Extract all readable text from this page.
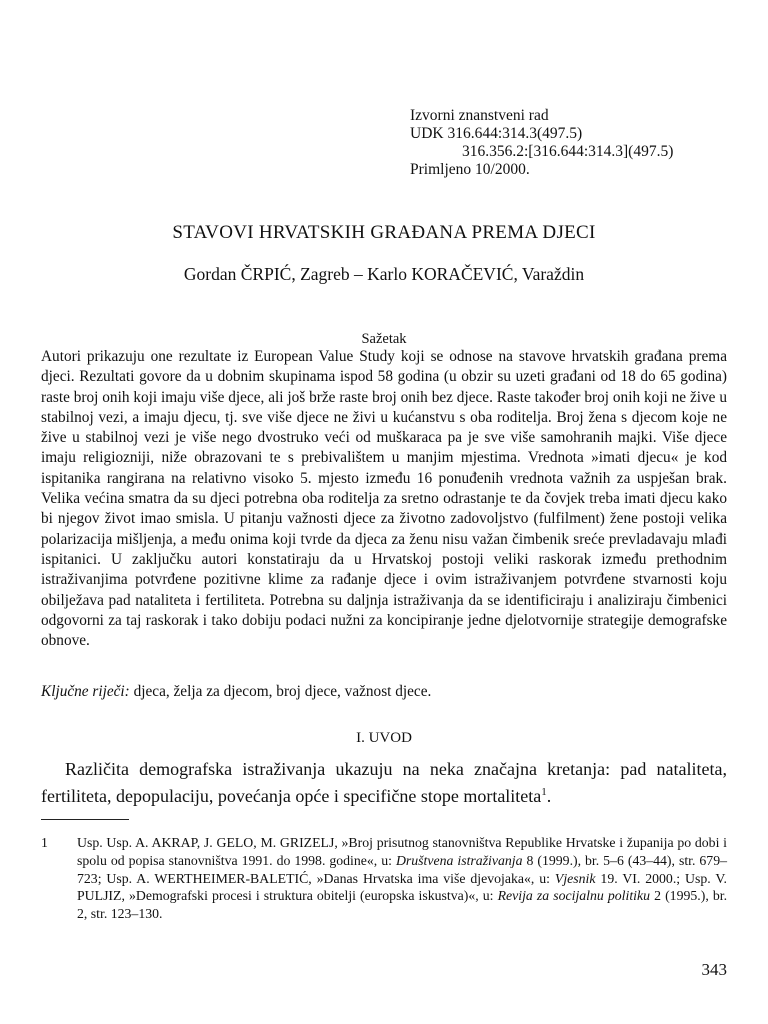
Izvorni znanstveni rad
UDK 316.644:314.3(497.5)
316.356.2:[316.644:314.3](497.5)
Primljeno 10/2000.
STAVOVI HRVATSKIH GRAĐANA PREMA DJECI
Gordan ČRPIĆ, Zagreb – Karlo KORAČEVIĆ, Varaždin
Sažetak
Autori prikazuju one rezultate iz European Value Study koji se odnose na stavove hrvatskih građana prema djeci. Rezultati govore da u dobnim skupinama ispod 58 godina (u obzir su uzeti građani od 18 do 65 godina) raste broj onih koji imaju više djece, ali još brže raste broj onih bez djece. Raste također broj onih koji ne žive u stabilnoj vezi, a imaju djecu, tj. sve više djece ne živi u kućanstvu s oba roditelja. Broj žena s djecom koje ne žive u stabilnoj vezi je više nego dvostruko veći od muškaraca pa je sve više samohranih majki. Više djece imaju religiozniji, niže obrazovani te s prebivalištem u manjim mjestima. Vrednota »imati djecu« je kod ispitanika rangirana na relativno visoko 5. mjesto između 16 ponuđenih vrednota važnih za uspješan brak. Velika većina smatra da su djeci potrebna oba roditelja za sretno odrastanje te da čovjek treba imati djecu kako bi njegov život imao smisla. U pitanju važnosti djece za životno zadovoljstvo (fulfilment) žene postoji velika polarizacija mišljenja, a među onima koji tvrde da djeca za ženu nisu važan čimbenik sreće prevladavaju mlađi ispitanici. U zaključku autori konstatiraju da u Hrvatskoj postoji veliki raskorak između prethodnim istraživanjima potvrđene pozitivne klime za rađanje djece i ovim istraživanjem potvrđene stvarnosti koju obilježava pad nataliteta i fertiliteta. Potrebna su daljnja istraživanja da se identificiraju i analiziraju čimbenici odgovorni za taj raskorak i tako dobiju podaci nužni za koncipiranje jedne djelotvornije strategije demografske obnove.
Ključne riječi: djeca, želja za djecom, broj djece, važnost djece.
I. UVOD
Različita demografska istraživanja ukazuju na neka značajna kretanja: pad nataliteta, fertiliteta, depopulaciju, povećanja opće i specifične stope mortaliteta$^1$.
1 Usp. Usp. A. AKRAP, J. GELO, M. GRIZELJ, »Broj prisutnog stanovništva Republike Hrvatske i županija po dobi i spolu od popisa stanovništva 1991. do 1998. godine«, u: Društvena istraživanja 8 (1999.), br. 5–6 (43–44), str. 679–723; Usp. A. WERTHEIMER-BALETIĆ, »Danas Hrvatska ima više djevojaka«, u: Vjesnik 19. VI. 2000.; Usp. V. PULJIZ, »Demografski procesi i struktura obitelji (europska iskustva)«, u: Revija za socijalnu politiku 2 (1995.), br. 2, str. 123–130.
343
